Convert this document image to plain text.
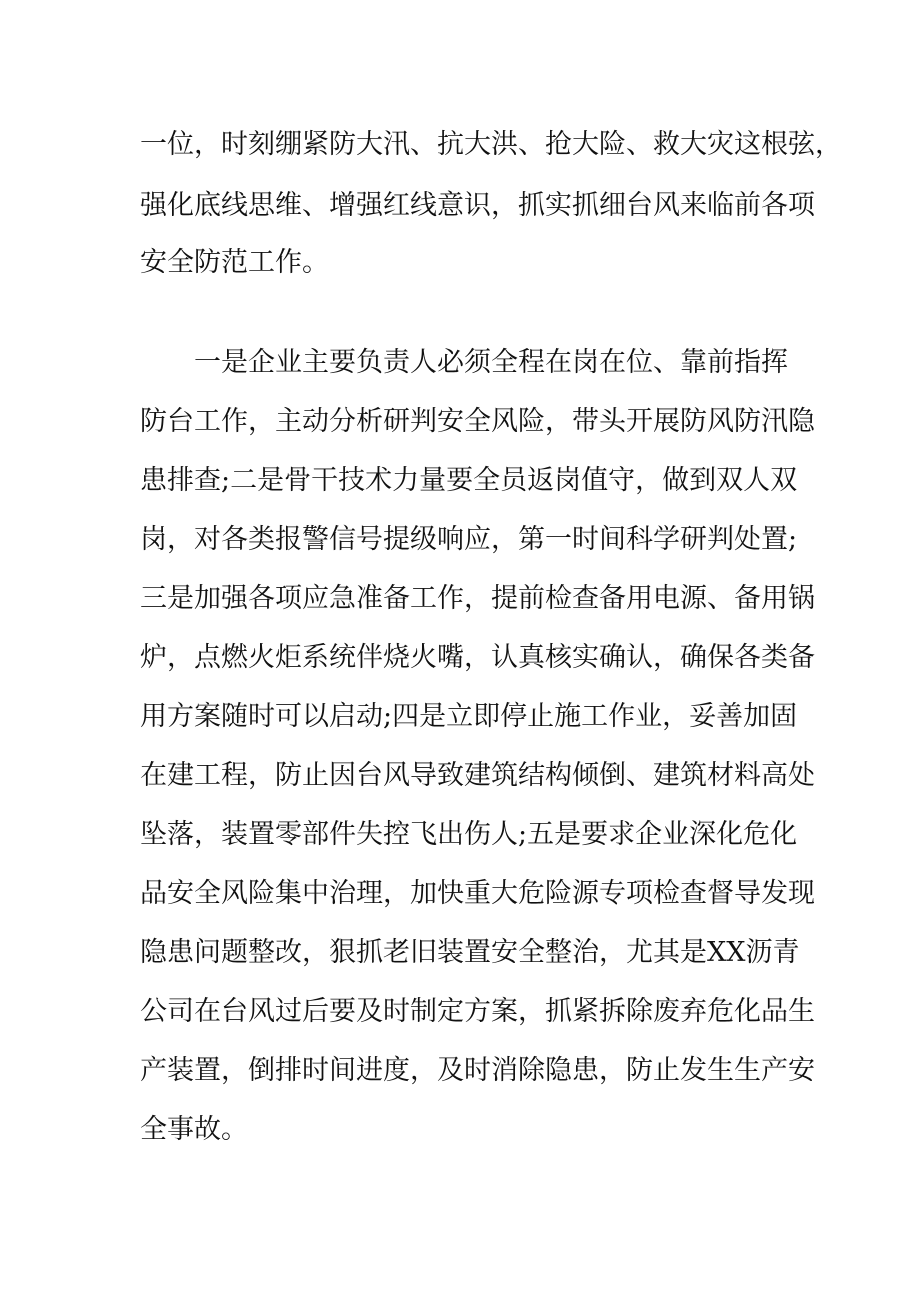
一位，时刻绷紧防大汛、抗大洪、抢大险、救大灾这根弦，
强化底线思维、增强红线意识，抓实抓细台风来临前各项
安全防范工作。
一是企业主要负责人必须全程在岗在位、靠前指挥
防台工作，主动分析研判安全风险，带头开展防风防汛隐
患排查;二是骨干技术力量要全员返岗值守，做到双人双
岗，对各类报警信号提级响应，第一时间科学研判处置;
三是加强各项应急准备工作，提前检查备用电源、备用锅
炉，点燃火炬系统伴烧火嘴，认真核实确认，确保各类备
用方案随时可以启动;四是立即停止施工作业，妥善加固
在建工程，防止因台风导致建筑结构倾倒、建筑材料高处
坠落，装置零部件失控飞出伤人;五是要求企业深化危化
品安全风险集中治理，加快重大危险源专项检查督导发现
隐患问题整改，狠抓老旧装置安全整治，尤其是XX沥青
公司在台风过后要及时制定方案，抓紧拆除废弃危化品生
产装置，倒排时间进度，及时消除隐患，防止发生生产安
全事故。
